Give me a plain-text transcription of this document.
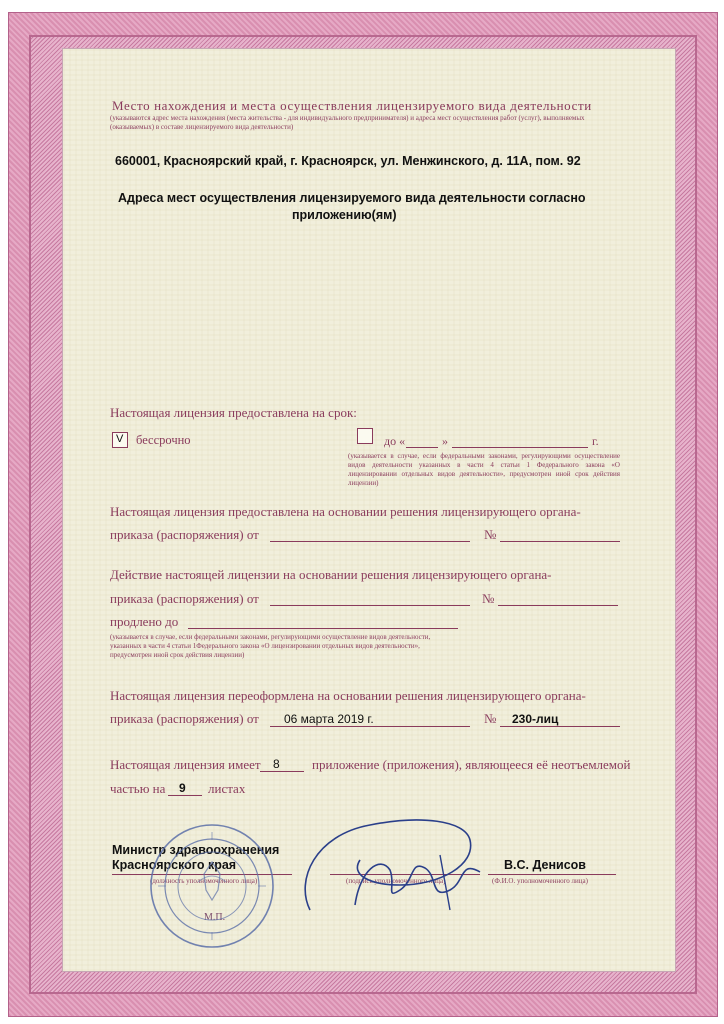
Место нахождения и места осуществления лицензируемого вида деятельности
(указываются адрес места нахождения (места жительства - для индивидуального предпринимателя) и адреса мест осуществления работ (услуг), выполняемых (оказываемых) в составе лицензируемого вида деятельности)
660001, Красноярский край, г. Красноярск, ул. Менжинского, д. 11А, пом. 92
Адреса мест осуществления лицензируемого вида деятельности согласно
приложению(ям)
Настоящая лицензия предоставлена на срок:
V бессрочно	до «	»	г.
(указывается в случае, если федеральными законами, регулирующими осуществление видов деятельности указанных в части 4 статьи 1 Федерального закона «О лицензировании отдельных видов деятельности», предусмотрен иной срок действия лицензии)
Настоящая лицензия предоставлена на основании решения лицензирующего органа-
приказа (распоряжения) от	№
Действие настоящей лицензии на основании решения лицензирующего органа-
приказа (распоряжения) от	№
продлено до
(указывается в случае, если федеральными законами, регулирующими осуществление видов деятельности, указанных в части 4 статьи 1Федерального закона «О лицензировании отдельных видов деятельности», предусмотрен иной срок действия лицензии)
Настоящая лицензия переоформлена на основании решения лицензирующего органа-
приказа (распоряжения) от 06 марта 2019 г.	№ 230-лиц
Настоящая лицензия имеет 8 приложение (приложения), являющееся её неотъемлемой
частью на 9 листах
Министр здравоохранения
Красноярского края
(должность уполномоченного лица)	(подпись уполномоченного лица)
В.С. Денисов
(Ф.И.О. уполномоченного лица)
М.П.
